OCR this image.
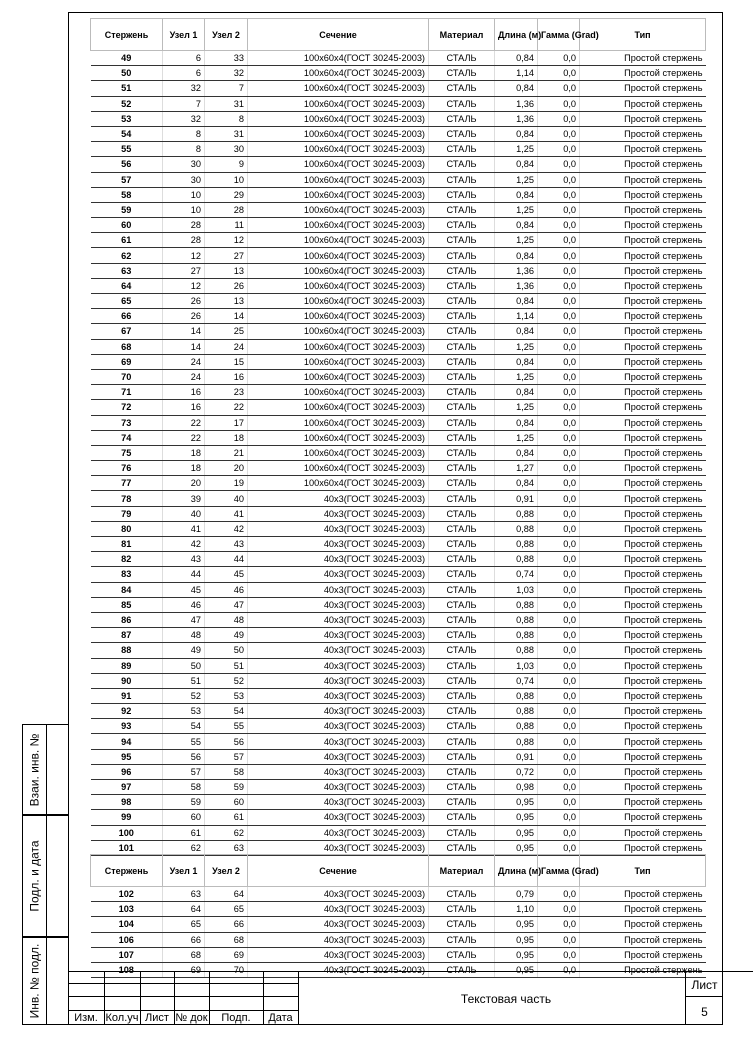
Взаи. инв. №
Подл. и дата
Инв. № подл.
Стержень	Узел 1	Узел 2	Сечение	Материал	Длина (м)	Гамма (Grad)	Тип
49	6	33	100x60x4(ГОСТ 30245-2003)	СТАЛЬ	0,84	0,0	Простой стержень
50	6	32	100x60x4(ГОСТ 30245-2003)	СТАЛЬ	1,14	0,0	Простой стержень
51	32	7	100x60x4(ГОСТ 30245-2003)	СТАЛЬ	0,84	0,0	Простой стержень
52	7	31	100x60x4(ГОСТ 30245-2003)	СТАЛЬ	1,36	0,0	Простой стержень
53	32	8	100x60x4(ГОСТ 30245-2003)	СТАЛЬ	1,36	0,0	Простой стержень
54	8	31	100x60x4(ГОСТ 30245-2003)	СТАЛЬ	0,84	0,0	Простой стержень
55	8	30	100x60x4(ГОСТ 30245-2003)	СТАЛЬ	1,25	0,0	Простой стержень
56	30	9	100x60x4(ГОСТ 30245-2003)	СТАЛЬ	0,84	0,0	Простой стержень
57	30	10	100x60x4(ГОСТ 30245-2003)	СТАЛЬ	1,25	0,0	Простой стержень
58	10	29	100x60x4(ГОСТ 30245-2003)	СТАЛЬ	0,84	0,0	Простой стержень
59	10	28	100x60x4(ГОСТ 30245-2003)	СТАЛЬ	1,25	0,0	Простой стержень
60	28	11	100x60x4(ГОСТ 30245-2003)	СТАЛЬ	0,84	0,0	Простой стержень
61	28	12	100x60x4(ГОСТ 30245-2003)	СТАЛЬ	1,25	0,0	Простой стержень
62	12	27	100x60x4(ГОСТ 30245-2003)	СТАЛЬ	0,84	0,0	Простой стержень
63	27	13	100x60x4(ГОСТ 30245-2003)	СТАЛЬ	1,36	0,0	Простой стержень
64	12	26	100x60x4(ГОСТ 30245-2003)	СТАЛЬ	1,36	0,0	Простой стержень
65	26	13	100x60x4(ГОСТ 30245-2003)	СТАЛЬ	0,84	0,0	Простой стержень
66	26	14	100x60x4(ГОСТ 30245-2003)	СТАЛЬ	1,14	0,0	Простой стержень
67	14	25	100x60x4(ГОСТ 30245-2003)	СТАЛЬ	0,84	0,0	Простой стержень
68	14	24	100x60x4(ГОСТ 30245-2003)	СТАЛЬ	1,25	0,0	Простой стержень
69	24	15	100x60x4(ГОСТ 30245-2003)	СТАЛЬ	0,84	0,0	Простой стержень
70	24	16	100x60x4(ГОСТ 30245-2003)	СТАЛЬ	1,25	0,0	Простой стержень
71	16	23	100x60x4(ГОСТ 30245-2003)	СТАЛЬ	0,84	0,0	Простой стержень
72	16	22	100x60x4(ГОСТ 30245-2003)	СТАЛЬ	1,25	0,0	Простой стержень
73	22	17	100x60x4(ГОСТ 30245-2003)	СТАЛЬ	0,84	0,0	Простой стержень
74	22	18	100x60x4(ГОСТ 30245-2003)	СТАЛЬ	1,25	0,0	Простой стержень
75	18	21	100x60x4(ГОСТ 30245-2003)	СТАЛЬ	0,84	0,0	Простой стержень
76	18	20	100x60x4(ГОСТ 30245-2003)	СТАЛЬ	1,27	0,0	Простой стержень
77	20	19	100x60x4(ГОСТ 30245-2003)	СТАЛЬ	0,84	0,0	Простой стержень
78	39	40	40x3(ГОСТ 30245-2003)	СТАЛЬ	0,91	0,0	Простой стержень
79	40	41	40x3(ГОСТ 30245-2003)	СТАЛЬ	0,88	0,0	Простой стержень
80	41	42	40x3(ГОСТ 30245-2003)	СТАЛЬ	0,88	0,0	Простой стержень
81	42	43	40x3(ГОСТ 30245-2003)	СТАЛЬ	0,88	0,0	Простой стержень
82	43	44	40x3(ГОСТ 30245-2003)	СТАЛЬ	0,88	0,0	Простой стержень
83	44	45	40x3(ГОСТ 30245-2003)	СТАЛЬ	0,74	0,0	Простой стержень
84	45	46	40x3(ГОСТ 30245-2003)	СТАЛЬ	1,03	0,0	Простой стержень
85	46	47	40x3(ГОСТ 30245-2003)	СТАЛЬ	0,88	0,0	Простой стержень
86	47	48	40x3(ГОСТ 30245-2003)	СТАЛЬ	0,88	0,0	Простой стержень
87	48	49	40x3(ГОСТ 30245-2003)	СТАЛЬ	0,88	0,0	Простой стержень
88	49	50	40x3(ГОСТ 30245-2003)	СТАЛЬ	0,88	0,0	Простой стержень
89	50	51	40x3(ГОСТ 30245-2003)	СТАЛЬ	1,03	0,0	Простой стержень
90	51	52	40x3(ГОСТ 30245-2003)	СТАЛЬ	0,74	0,0	Простой стержень
91	52	53	40x3(ГОСТ 30245-2003)	СТАЛЬ	0,88	0,0	Простой стержень
92	53	54	40x3(ГОСТ 30245-2003)	СТАЛЬ	0,88	0,0	Простой стержень
93	54	55	40x3(ГОСТ 30245-2003)	СТАЛЬ	0,88	0,0	Простой стержень
94	55	56	40x3(ГОСТ 30245-2003)	СТАЛЬ	0,88	0,0	Простой стержень
95	56	57	40x3(ГОСТ 30245-2003)	СТАЛЬ	0,91	0,0	Простой стержень
96	57	58	40x3(ГОСТ 30245-2003)	СТАЛЬ	0,72	0,0	Простой стержень
97	58	59	40x3(ГОСТ 30245-2003)	СТАЛЬ	0,98	0,0	Простой стержень
98	59	60	40x3(ГОСТ 30245-2003)	СТАЛЬ	0,95	0,0	Простой стержень
99	60	61	40x3(ГОСТ 30245-2003)	СТАЛЬ	0,95	0,0	Простой стержень
100	61	62	40x3(ГОСТ 30245-2003)	СТАЛЬ	0,95	0,0	Простой стержень
101	62	63	40x3(ГОСТ 30245-2003)	СТАЛЬ	0,95	0,0	Простой стержень
Стержень	Узел 1	Узел 2	Сечение	Материал	Длина (м)	Гамма (Grad)	Тип
102	63	64	40x3(ГОСТ 30245-2003)	СТАЛЬ	0,79	0,0	Простой стержень
103	64	65	40x3(ГОСТ 30245-2003)	СТАЛЬ	1,10	0,0	Простой стержень
104	65	66	40x3(ГОСТ 30245-2003)	СТАЛЬ	0,95	0,0	Простой стержень
106	66	68	40x3(ГОСТ 30245-2003)	СТАЛЬ	0,95	0,0	Простой стержень
107	68	69	40x3(ГОСТ 30245-2003)	СТАЛЬ	0,95	0,0	Простой стержень
108	69	70	40x3(ГОСТ 30245-2003)	СТАЛЬ	0,95	0,0	Простой стержень
Изм. Кол.уч Лист № док	Подп.	Дата
Текстовая часть
Лист
5
